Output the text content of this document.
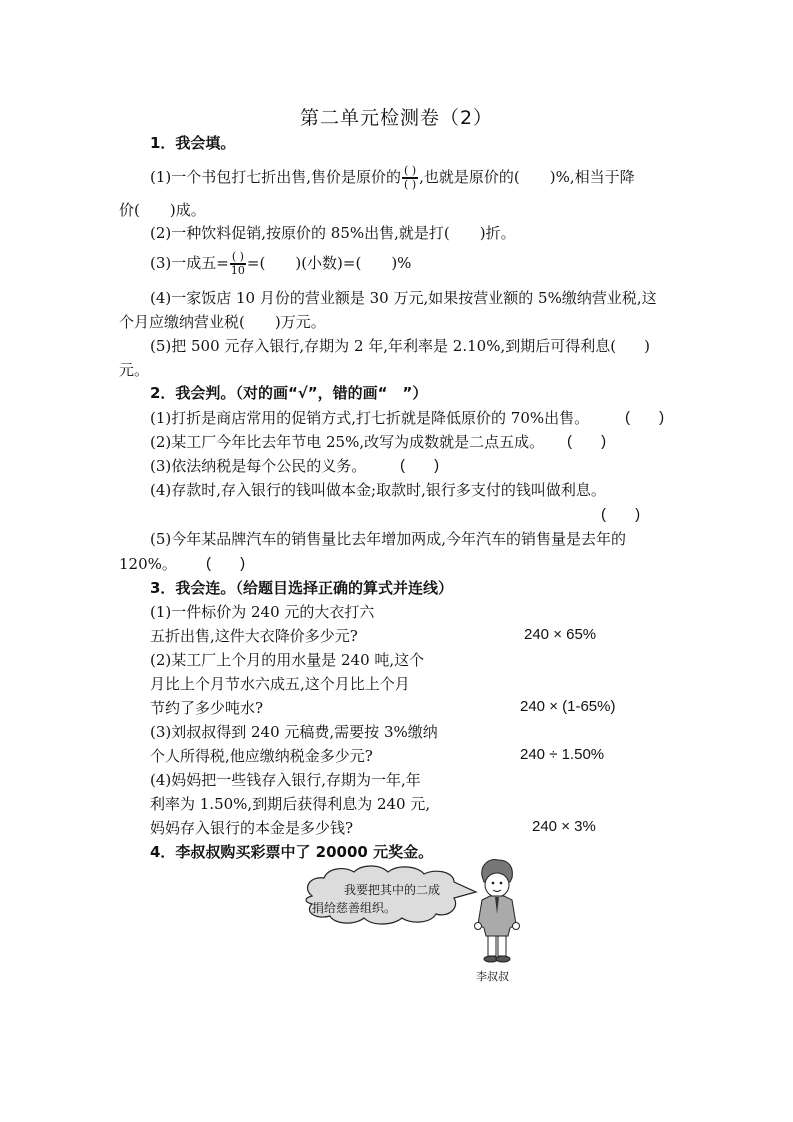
第二单元检测卷（2）
1．我会填。
(1)一个书包打七折出售,售价是原价的 $\frac{( )}{( )}$ ,也就是原价的( )%,相当于降
价( )成。
(2)一种饮料促销,按原价的 85%出售,就是打( )折。
(3)一成五= $\frac{( )}{10}$ =( )(小数)=( )%
(4)一家饭店 10 月份的营业额是 30 万元,如果按营业额的 5%缴纳营业税,这
个月应缴纳营业税( )万元。
(5)把 500 元存入银行,存期为 2 年,年利率是 2.10%,到期后可得利息( )
元。
2．我会判。（对的画“√”，错的画“　”）
(1)打折是商店常用的促销方式,打七折就是降低原价的 70%出售。 (       )
(2)某工厂今年比去年节电 25%,改写为成数就是二点五成。 (       )
(3)依法纳税是每个公民的义务。 (       )
(4)存款时,存入银行的钱叫做本金;取款时,银行多支付的钱叫做利息。
(       )
(5)今年某品牌汽车的销售量比去年增加两成,今年汽车的销售量是去年的
120%。 (       )
3．我会连。（给题目选择正确的算式并连线）
(1)一件标价为 240 元的大衣打六
五折出售,这件大衣降价多少元?
(2)某工厂上个月的用水量是 240 吨,这个
月比上个月节水六成五,这个月比上个月
节约了多少吨水?
(3)刘叔叔得到 240 元稿费,需要按 3%缴纳
个人所得税,他应缴纳税金多少元?
(4)妈妈把一些钱存入银行,存期为一年,年
利率为 1.50%,到期后获得利息为 240 元,
妈妈存入银行的本金是多少钱?
240 × 65%
240 × (1-65%)
240 ÷ 1.50%
240 × 3%
4．李叔叔购买彩票中了 20000 元奖金。
我要把其中的二成
捐给慈善组织。
李叔叔
